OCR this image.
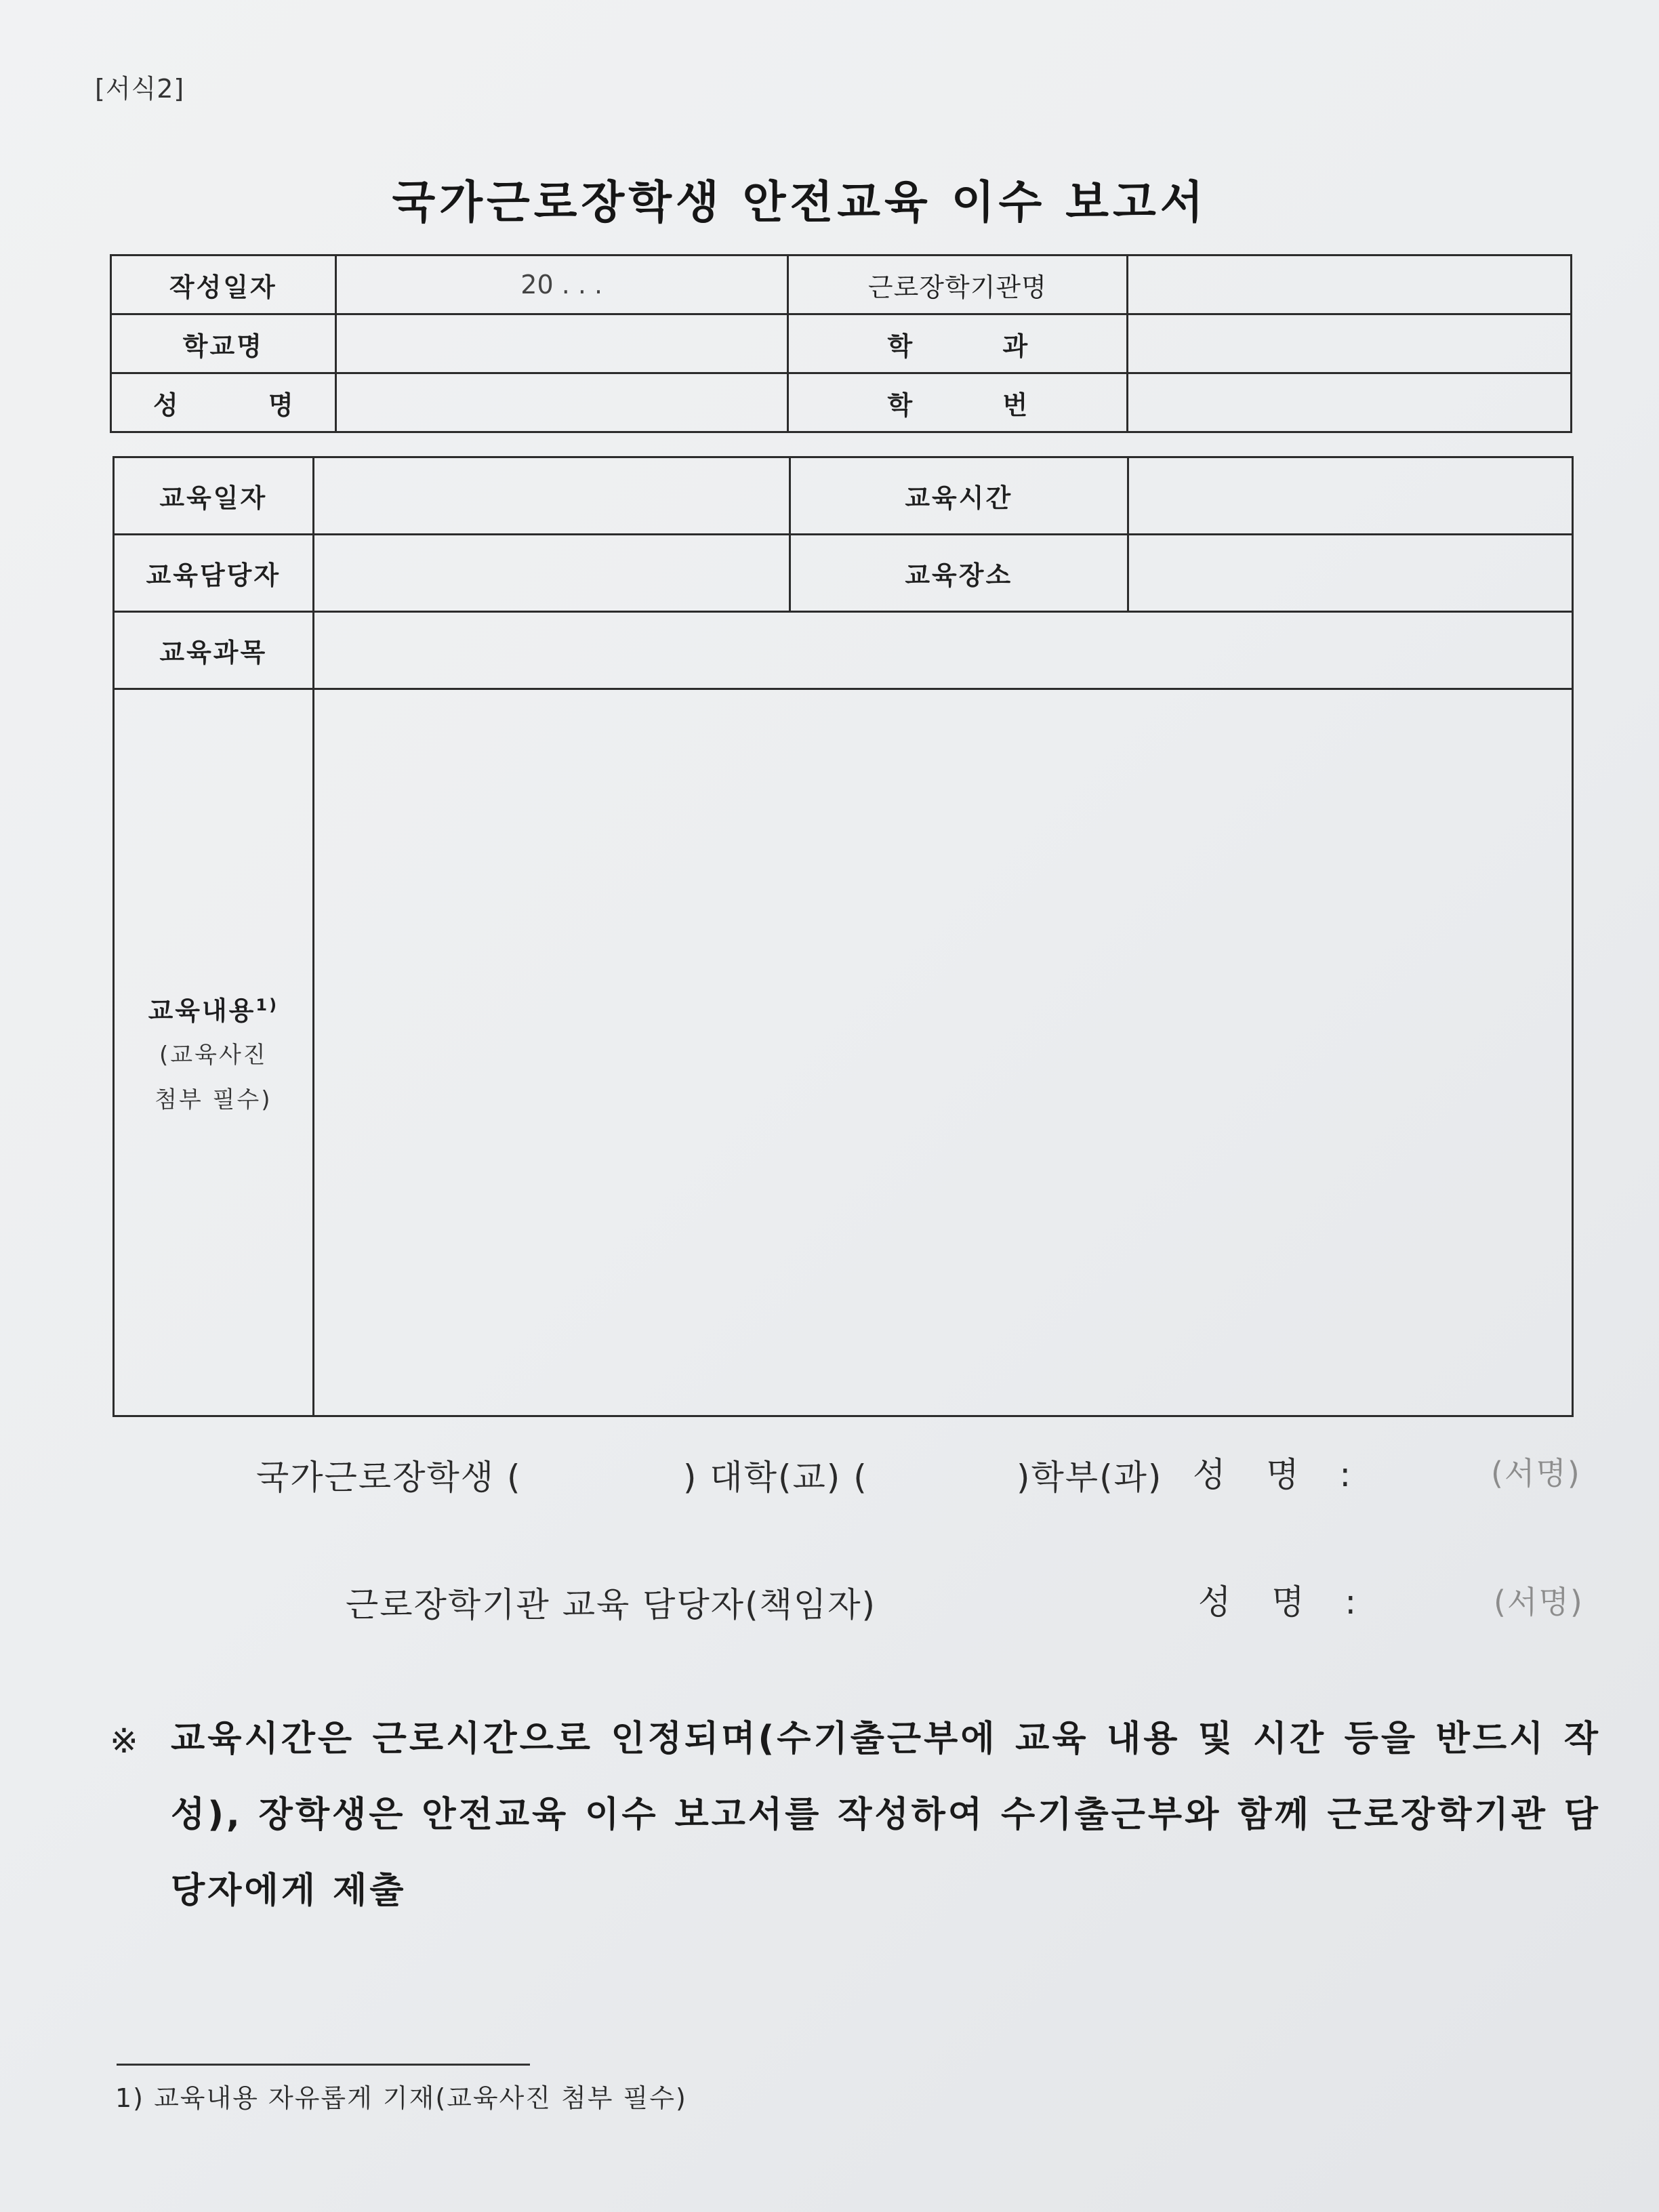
[서식2]
국가근로장학생 안전교육 이수 보고서
작성일자	20 . . .	근로장학기관명	
학교명		학 과	
성 명		학 번	
교육일자		교육시간	
교육담당자		교육장소	
교육과목			

교육내용$^{1)}$
(교육사진
첨부 필수)			

국가근로장학생 (	) 대학(교) (	)학부(과) 성 명 :	(서명)
근로장학기관 교육 담당자(책임자)	성 명 :	(서명)
※ 교육시간은 근로시간으로 인정되며(수기출근부에 교육 내용 및 시간 등을 반드시 작성), 장학생은 안전교육 이수 보고서를 작성하여 수기출근부와 함께 근로장학기관 담당자에게 제출
1) 교육내용 자유롭게 기재(교육사진 첨부 필수)
